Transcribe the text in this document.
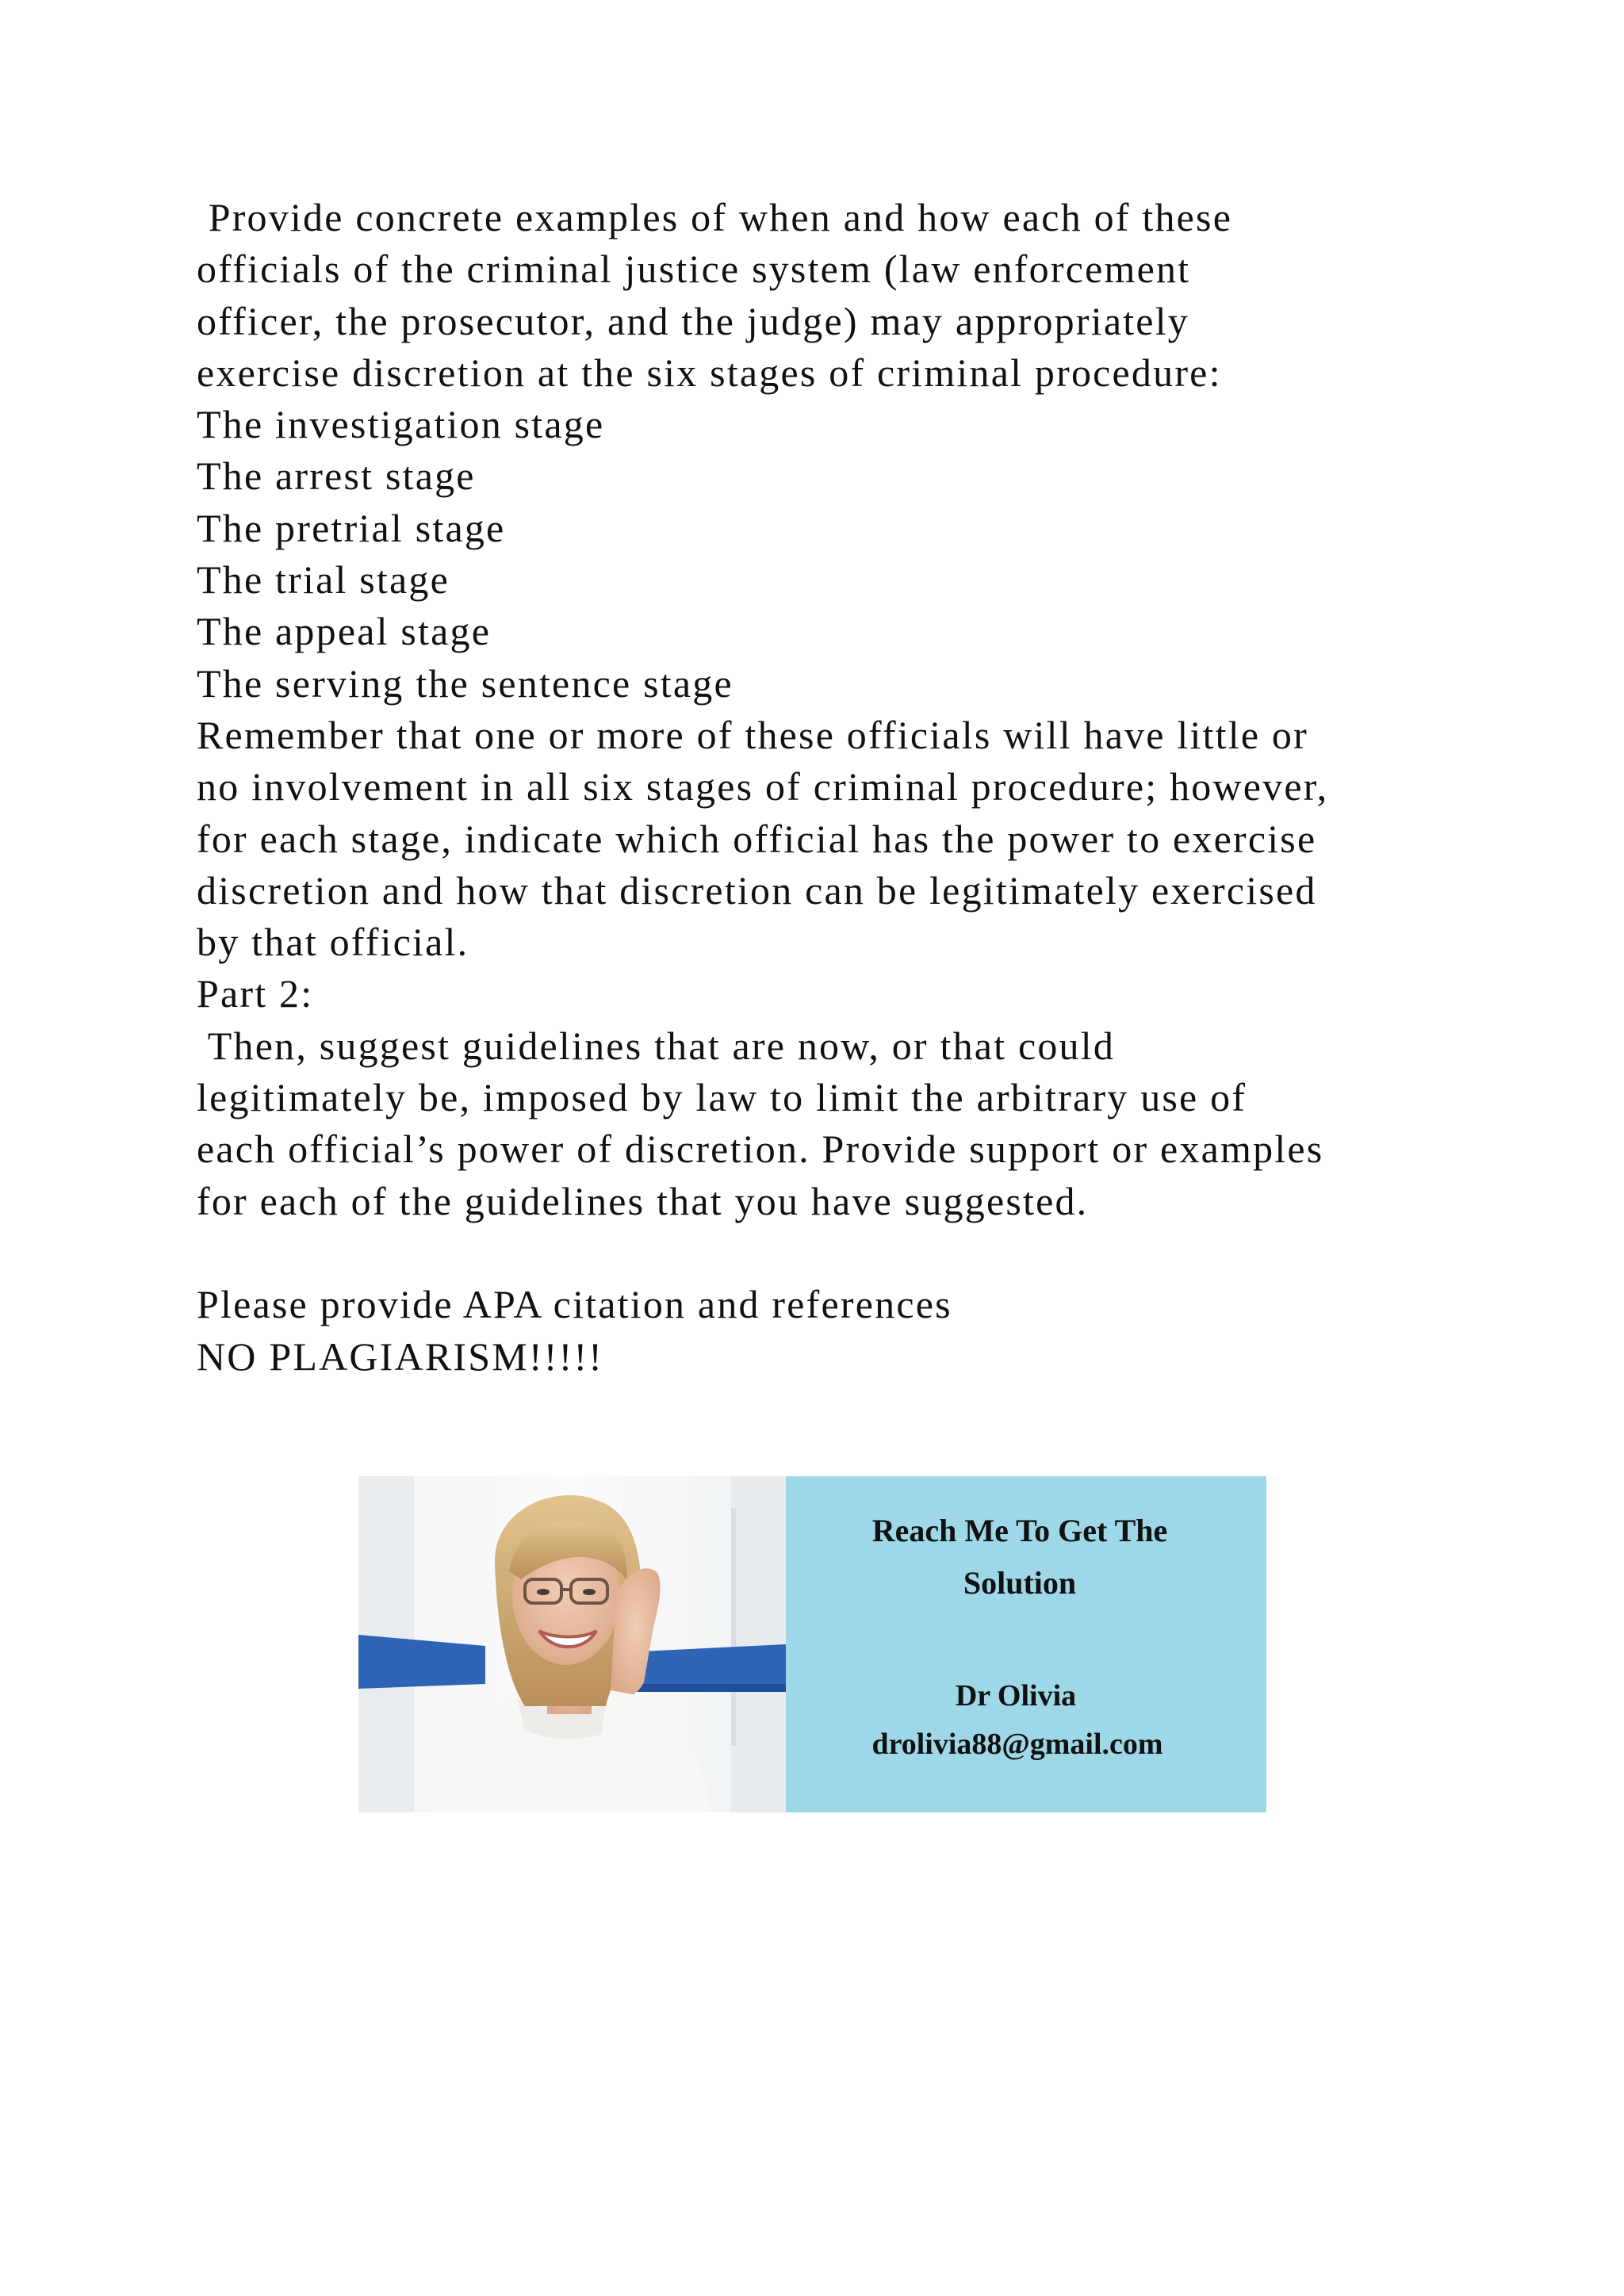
Provide concrete examples of when and how each of these
officials of the criminal justice system (law enforcement
officer, the prosecutor, and the judge) may appropriately
exercise discretion at the six stages of criminal procedure:
The investigation stage
The arrest stage
The pretrial stage
The trial stage
The appeal stage
The serving the sentence stage
Remember that one or more of these officials will have little or
no involvement in all six stages of criminal procedure; however,
for each stage, indicate which official has the power to exercise
discretion and how that discretion can be legitimately exercised
by that official.
Part 2:
Then, suggest guidelines that are now, or that could
legitimately be, imposed by law to limit the arbitrary use of
each official’s power of discretion. Provide support or examples
for each of the guidelines that you have suggested.
Please provide APA citation and references
NO PLAGIARISM!!!!!
Reach Me To Get The
Solution
Dr Olivia
drolivia88@gmail.com
